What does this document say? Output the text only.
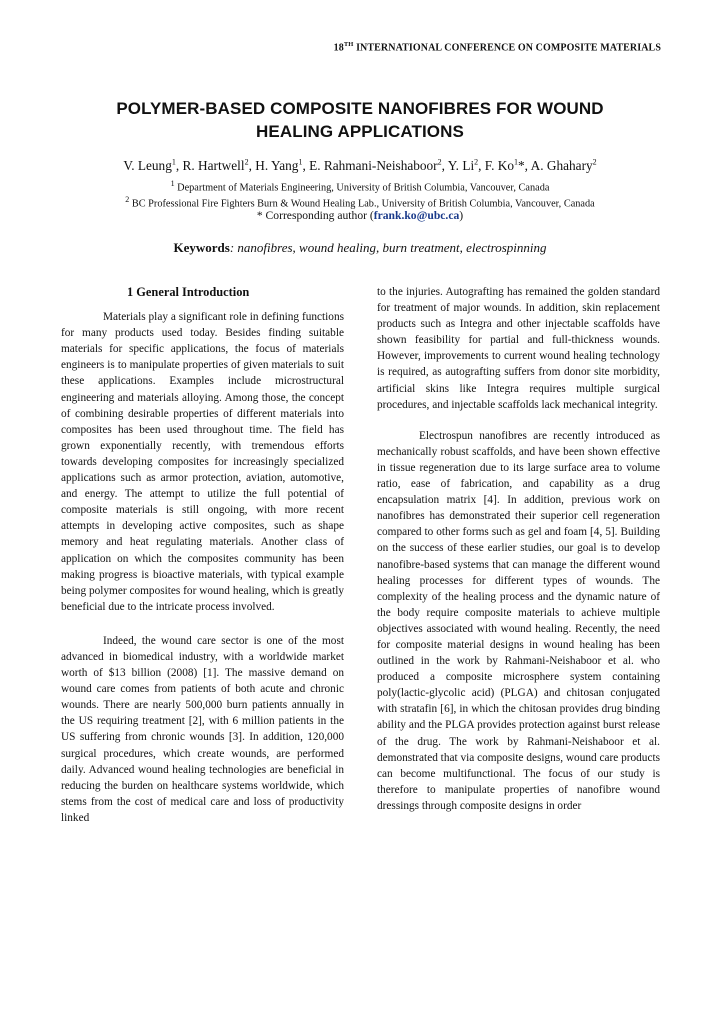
18TH INTERNATIONAL CONFERENCE ON COMPOSITE MATERIALS
POLYMER-BASED COMPOSITE NANOFIBRES FOR WOUND
HEALING APPLICATIONS
V. Leung$^1$, R. Hartwell$^2$, H. Yang$^1$, E. Rahmani-Neishaboor$^2$, Y. Li$^2$, F. Ko$^1$*, A. Ghahary$^2$
$^1$ Department of Materials Engineering, University of British Columbia, Vancouver, Canada
$^2$ BC Professional Fire Fighters Burn & Wound Healing Lab., University of British Columbia, Vancouver, Canada
* Corresponding author (frank.ko@ubc.ca)
Keywords: nanofibres, wound healing, burn treatment, electrospinning
1 General Introduction

Materials play a significant role in defining functions for many products used today. Besides finding suitable materials for specific applications, the focus of materials engineers is to manipulate properties of given materials to suit these applications. Examples include microstructural engineering and materials alloying. Among those, the concept of combining desirable properties of different materials into composites has been used throughout time. The field has grown exponentially recently, with tremendous efforts towards developing composites for increasingly specialized applications such as armor protection, aviation, automotive, and energy. The attempt to utilize the full potential of composite materials is still ongoing, with more recent attempts in developing active composites, such as shape memory and heat regulating materials. Another class of application on which the composites community has been making progress is bioactive materials, with typical example being polymer composites for wound healing, which is greatly beneficial due to the intricate process involved.

Indeed, the wound care sector is one of the most advanced in biomedical industry, with a worldwide market worth of $13 billion (2008) [1]. The massive demand on wound care comes from patients of both acute and chronic wounds. There are nearly 500,000 burn patients annually in the US requiring treatment [2], with 6 million patients in the US suffering from chronic wounds [3]. In addition, 120,000 surgical procedures, which create wounds, are performed daily. Advanced wound healing technologies are beneficial in reducing the burden on healthcare systems worldwide, which stems from the cost of medical care and loss of productivity linked

to the injuries. Autografting has remained the golden standard for treatment of major wounds. In addition, skin replacement products such as Integra and other injectable scaffolds have shown feasibility for partial and full-thickness wounds. However, improvements to current wound healing technology is required, as autografting suffers from donor site morbidity, artificial skins like Integra requires multiple surgical procedures, and injectable scaffolds lack mechanical integrity.

Electrospun nanofibres are recently introduced as mechanically robust scaffolds, and have been shown effective in tissue regeneration due to its large surface area to volume ratio, ease of fabrication, and capability as a drug encapsulation matrix [4]. In addition, previous work on nanofibres has demonstrated their superior cell regeneration compared to other forms such as gel and foam [4, 5]. Building on the success of these earlier studies, our goal is to develop nanofibre-based systems that can manage the different wound healing processes for different types of wounds. The complexity of the healing process and the dynamic nature of the body require composite materials to achieve multiple objectives associated with wound healing. Recently, the need for composite material designs in wound healing has been outlined in the work by Rahmani-Neishaboor et al. who produced a composite microsphere system containing poly(lactic-glycolic acid) (PLGA) and chitosan conjugated with stratafin [6], in which the chitosan provides drug binding ability and the PLGA provides protection against burst release of the drug. The work by Rahmani-Neishaboor et al. demonstrated that via composite designs, wound care products can become multifunctional. The focus of our study is therefore to manipulate properties of nanofibre wound dressings through composite designs in order
